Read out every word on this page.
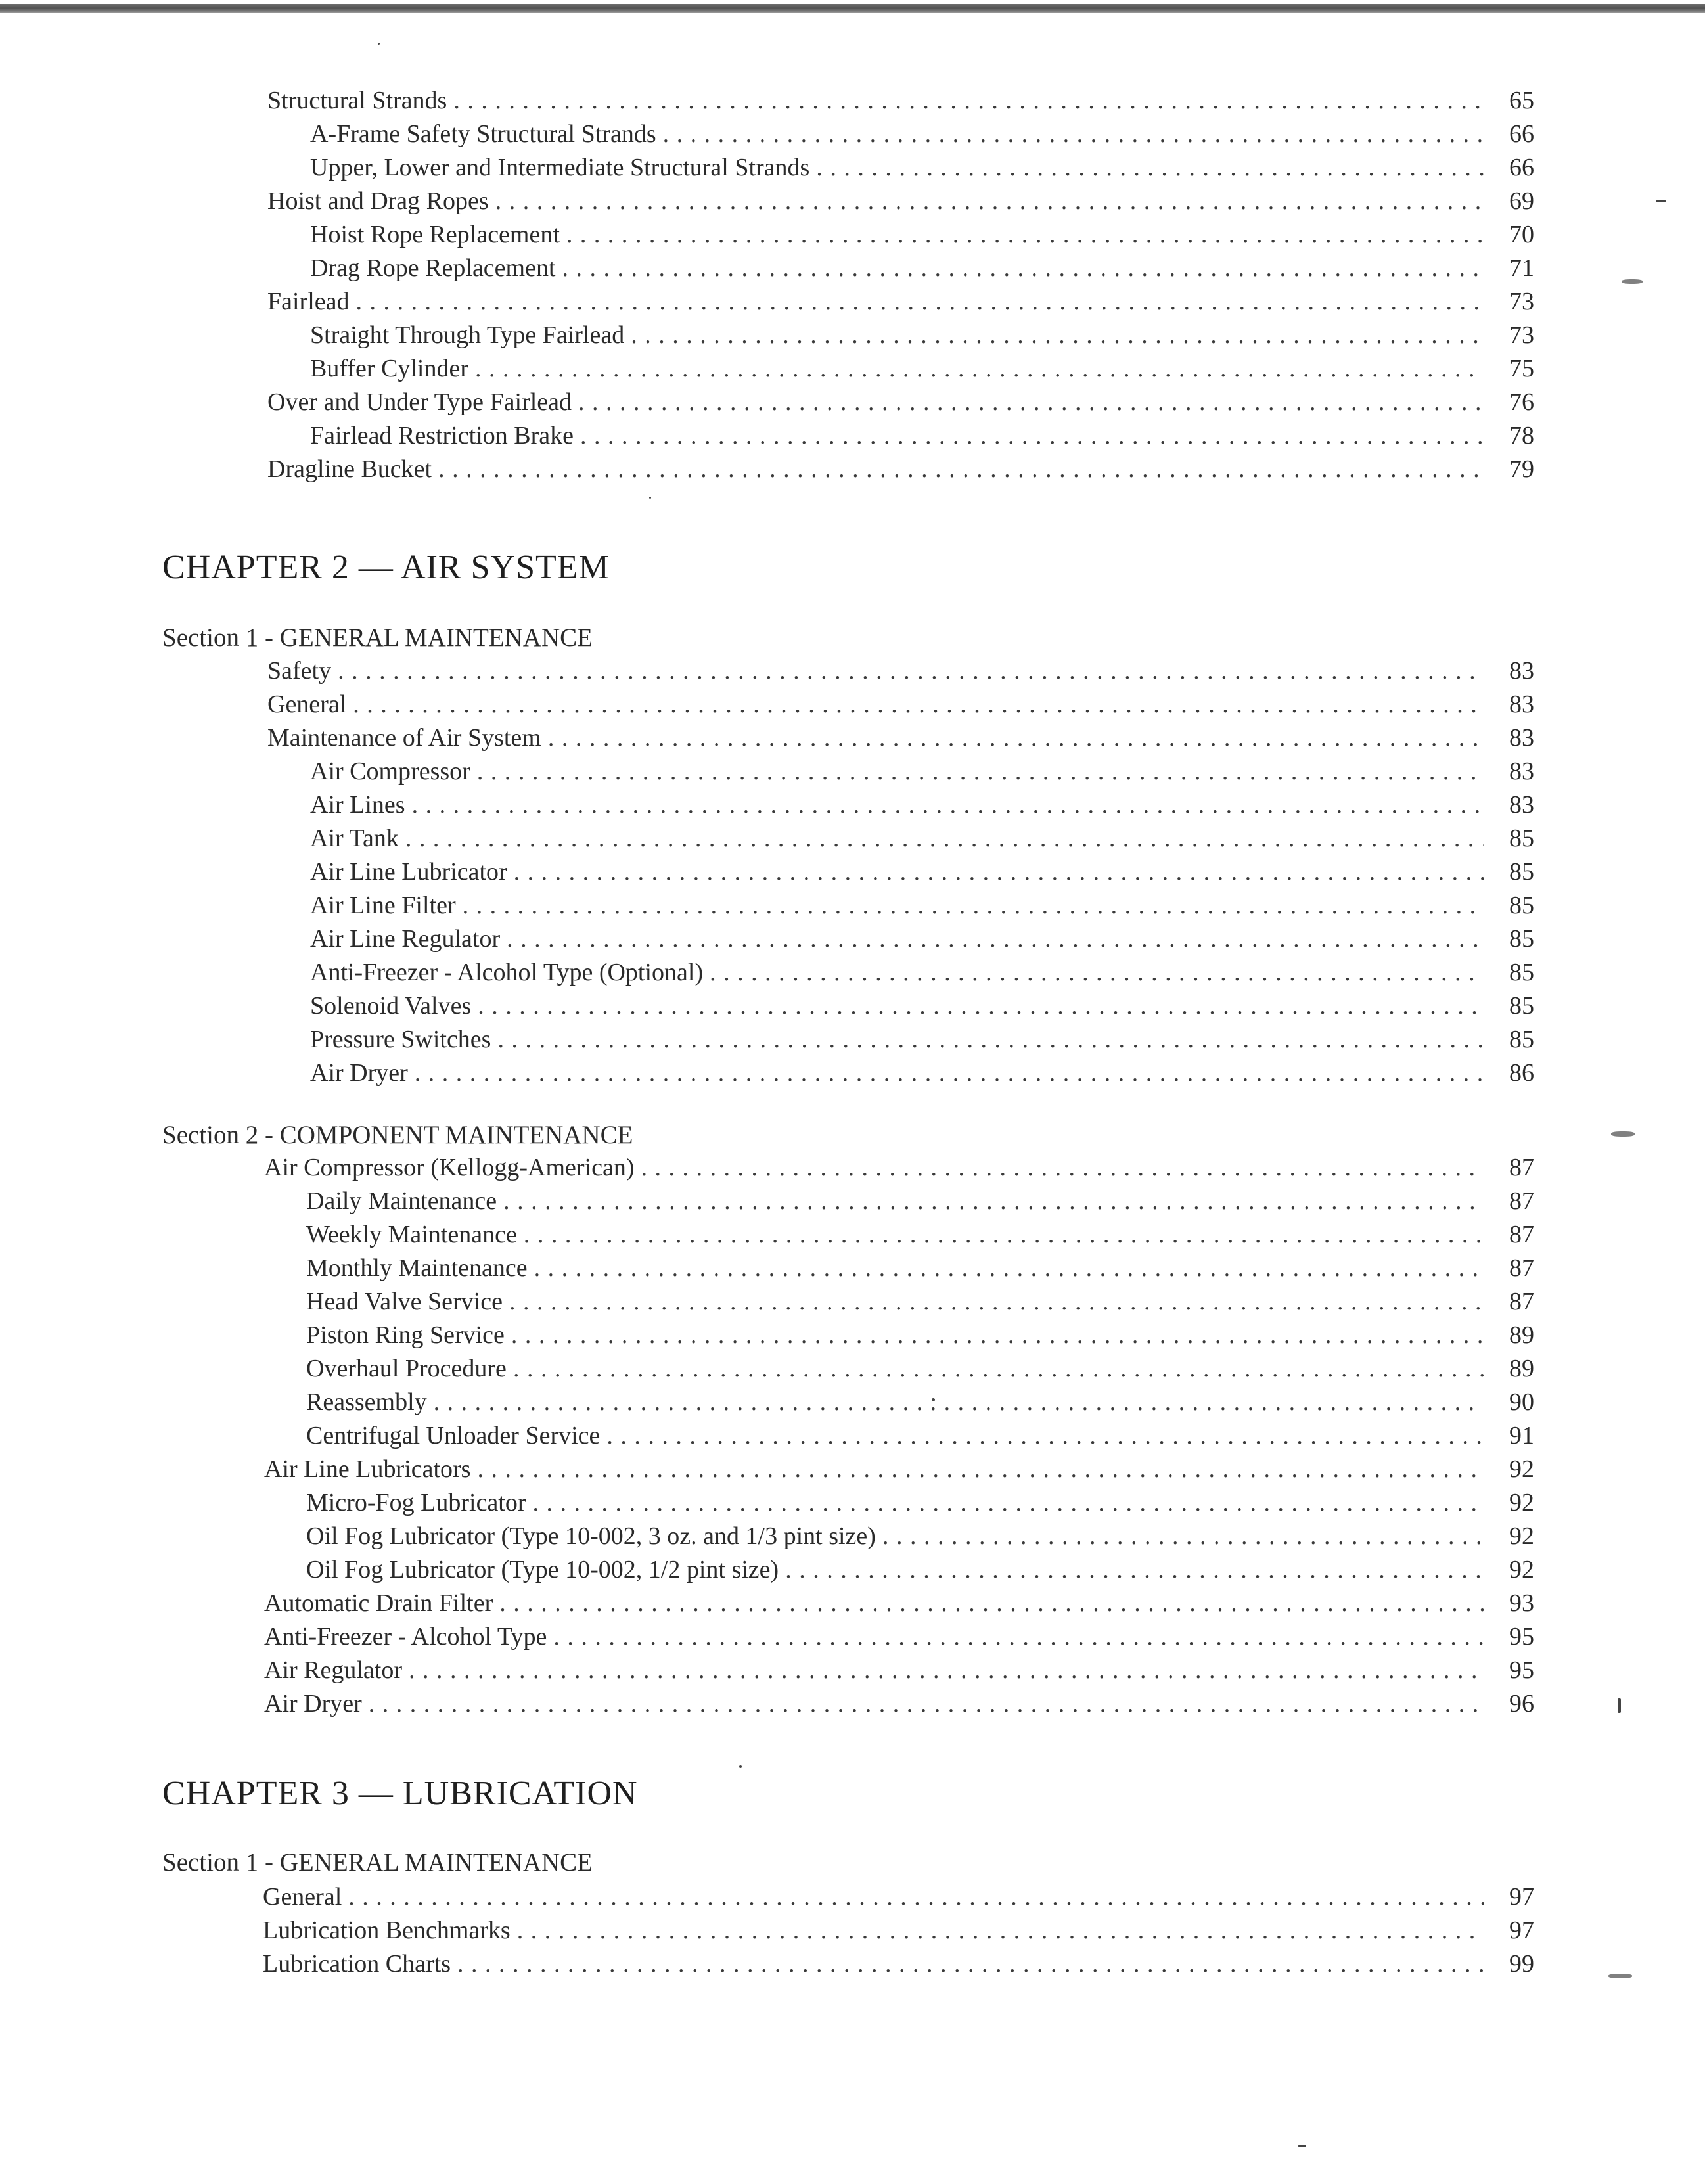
Structural Strands . . .	65
A-Frame Safety Structural Strands . . .	66
Upper, Lower and Intermediate Structural Strands . . .	66
Hoist and Drag Ropes . . .	69
Hoist Rope Replacement . . .	70
Drag Rope Replacement . . .	71
Fairlead . . .	73
Straight Through Type Fairlead . . .	73
Buffer Cylinder . . .	75
Over and Under Type Fairlead . . .	76
Fairlead Restriction Brake . . .	78
Dragline Bucket . . .	79
CHAPTER 2 — AIR SYSTEM
Section 1 - GENERAL MAINTENANCE
Safety . . .	83
General . . .	83
Maintenance of Air System . . .	83
Air Compressor . . .	83
Air Lines . . .	83
Air Tank . . .	85
Air Line Lubricator . . .	85
Air Line Filter . . .	85
Air Line Regulator . . .	85
Anti-Freezer - Alcohol Type (Optional) . . .	85
Solenoid Valves . . .	85
Pressure Switches . . .	85
Air Dryer . . .	86
Section 2 - COMPONENT MAINTENANCE
Air Compressor (Kellogg-American) . . .	87
Daily Maintenance . . .	87
Weekly Maintenance . . .	87
Monthly Maintenance . . .	87
Head Valve Service . . .	87
Piston Ring Service . . .	89
Overhaul Procedure . . .	89
Reassembly . . .	90
Centrifugal Unloader Service . . .	91
Air Line Lubricators . . .	92
Micro-Fog Lubricator . . .	92
Oil Fog Lubricator (Type 10-002, 3 oz. and 1/3 pint size) . . .	92
Oil Fog Lubricator (Type 10-002, 1/2 pint size) . . .	92
Automatic Drain Filter . . .	93
Anti-Freezer - Alcohol Type . . .	95
Air Regulator . . .	95
Air Dryer . . .	96
CHAPTER 3 — LUBRICATION
Section 1 - GENERAL MAINTENANCE
General . . .	97
Lubrication Benchmarks . . .	97
Lubrication Charts . . .	99
